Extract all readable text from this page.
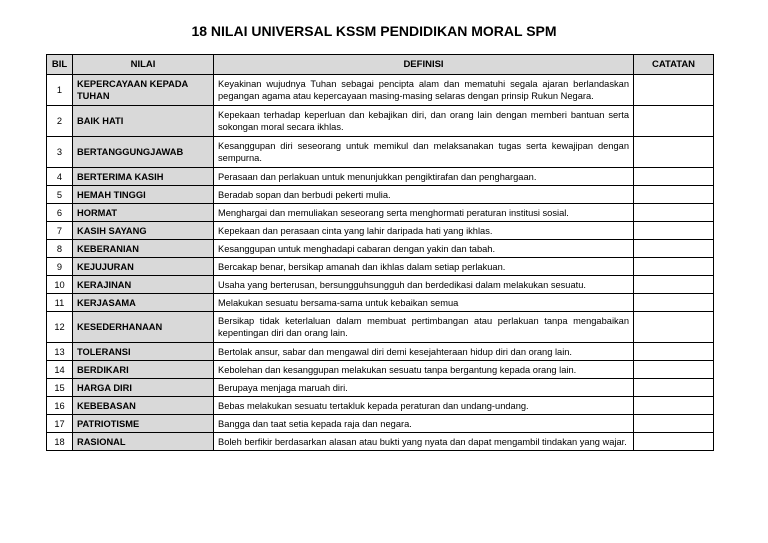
18 NILAI UNIVERSAL KSSM PENDIDIKAN MORAL SPM
BIL	NILAI	DEFINISI	CATATAN
1	KEPERCAYAAN KEPADA TUHAN	Keyakinan wujudnya Tuhan sebagai pencipta alam dan mematuhi segala ajaran berlandaskan pegangan agama atau kepercayaan masing-masing selaras dengan prinsip Rukun Negara.	
2	BAIK HATI	Kepekaan terhadap keperluan dan kebajikan diri, dan orang lain dengan memberi bantuan serta sokongan moral secara ikhlas.	
3	BERTANGGUNGJAWAB	Kesanggupan diri seseorang untuk memikul dan melaksanakan tugas serta kewajipan dengan sempurna.	
4	BERTERIMA KASIH	Perasaan dan perlakuan untuk menunjukkan pengiktirafan dan penghargaan.	
5	HEMAH TINGGI	Beradab sopan dan berbudi pekerti mulia.	
6	HORMAT	Menghargai dan memuliakan seseorang serta menghormati peraturan institusi sosial.	
7	KASIH SAYANG	Kepekaan dan perasaan cinta yang lahir daripada hati yang ikhlas.	
8	KEBERANIAN	Kesanggupan untuk menghadapi cabaran dengan yakin dan tabah.	
9	KEJUJURAN	Bercakap benar, bersikap amanah dan ikhlas dalam setiap perlakuan.	
10	KERAJINAN	Usaha yang berterusan, bersungguhsungguh dan berdedikasi dalam melakukan sesuatu.	
11	KERJASAMA	Melakukan sesuatu bersama-sama untuk kebaikan semua	
12	KESEDERHANAAN	Bersikap tidak keterlaluan dalam membuat pertimbangan atau perlakuan tanpa mengabaikan kepentingan diri dan orang lain.	
13	TOLERANSI	Bertolak ansur, sabar dan mengawal diri demi kesejahteraan hidup diri dan orang lain.	
14	BERDIKARI	Kebolehan dan kesanggupan melakukan sesuatu tanpa bergantung kepada orang lain.	
15	HARGA DIRI	Berupaya menjaga maruah diri.	
16	KEBEBASAN	Bebas melakukan sesuatu tertakluk kepada peraturan dan undang-undang.	
17	PATRIOTISME	Bangga dan taat setia kepada raja dan negara.	
18	RASIONAL	Boleh berfikir berdasarkan alasan atau bukti yang nyata dan dapat mengambil tindakan yang wajar.	
